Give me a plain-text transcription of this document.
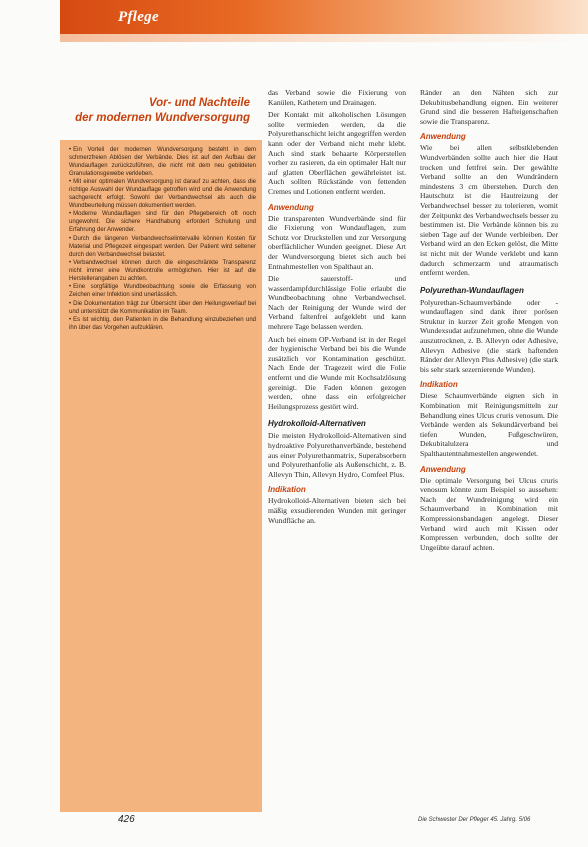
Pflege
Vor- und Nachteile
der modernen Wundversorgung
• Ein Vorteil der modernen Wundversorgung besteht in dem schmerzfreien Ablösen der Verbände. Dies ist auf den Aufbau der Wundauflagen zurückzuführen, die nicht mit dem neu gebildeten Granulationsgewebe verkleben.
• Mit einer optimalen Wundversorgung ist darauf zu achten, dass die richtige Auswahl der Wundauflage getroffen wird und die Anwendung sachgerecht erfolgt. Sowohl der Verbandwechsel als auch die Wundbeurteilung müssen dokumentiert werden.
• Moderne Wundauflagen sind für den Pflegebereich oft noch ungewohnt. Die sichere Handhabung erfordert Schulung und Erfahrung der Anwender.
• Durch die längeren Verbandwechselintervalle können Kosten für Material und Pflegezeit eingespart werden. Der Patient wird seltener durch den Verbandwechsel belastet.
• Verbandwechsel können durch die eingeschränkte Transparenz nicht immer eine Wundkontrolle ermöglichen. Hier ist auf die Herstellerangaben zu achten.
• Eine sorgfältige Wundbeobachtung sowie die Erfassung von Zeichen einer Infektion sind unerlässlich.
• Die Dokumentation trägt zur Übersicht über den Heilungsverlauf bei und unterstützt die Kommunikation im Team.
• Es ist wichtig, den Patienten in die Behandlung einzubeziehen und ihn über das Vorgehen aufzuklären.

das Verband sowie die Fixierung von Kanülen, Kathetern und Drainagen.

Der Kontakt mit alkoholischen Lösungen sollte vermieden werden, da die Polyurethanschicht leicht angegriffen werden kann oder der Verband nicht mehr klebt. Auch sind stark behaarte Körperstellen vorher zu rasieren, da ein optimaler Halt nur auf glatten Oberflächen gewährleistet ist. Auch sollten Rückstände von fettenden Cremes und Lotionen entfernt werden.

Anwendung

Die transparenten Wundverbände sind für die Fixierung von Wundauflagen, zum Schutz vor Druckstellen und zur Versorgung oberflächlicher Wunden geeignet. Diese Art der Wundversorgung bietet sich auch bei Entnahmestellen von Spalthaut an.

Die sauerstoff- und wasserdampfdurchlässige Folie erlaubt die Wundbeobachtung ohne Verbandwechsel. Nach der Reinigung der Wunde wird der Verband faltenfrei aufgeklebt und kann mehrere Tage belassen werden.

Auch bei einem OP-Verband ist in der Regel der hygienische Verband bei bis die Wunde zusätzlich vor Kontamination geschützt. Nach Ende der Tragezeit wird die Folie entfernt und die Wunde mit Kochsalzlösung gereinigt. Die Faden können gezogen werden, ohne dass ein erfolgreicher Heilungsprozess gestört wird.

Hydrokolloid-Alternativen

Die meisten Hydrokolloid-Alternativen sind hydroaktive Polyurethanverbände, bestehend aus einer Polyurethanmatrix, Superabsorbern und Polyurethanfolie als Außenschicht, z. B. Allevyn Thin, Allevyn Hydro, Comfeel Plus.

Indikation

Hydrokolloid-Alternativen bieten sich bei mäßig exsudierenden Wunden mit geringer Wundfläche an.

Ränder an den Nähten sich zur Dekubitusbehandlung eignen. Ein weiterer Grund sind die besseren Hafteigenschaften sowie die Transparenz.

Anwendung

Wie bei allen selbstklebenden Wundverbänden sollte auch hier die Haut trocken und fettfrei sein. Der gewählte Verband sollte an den Wundrändern mindestens 3 cm überstehen. Durch den Hautschutz ist die Hautreizung der Verbandwechsel besser zu tolerieren, womit der Zeitpunkt des Verbandwechsels besser zu bestimmen ist. Die Verbände können bis zu sieben Tage auf der Wunde verbleiben. Der Verband wird an den Ecken gelöst, die Mitte ist nicht mit der Wunde verklebt und kann dadurch schmerzarm und atraumatisch entfernt werden.

Polyurethan-Wundauflagen

Polyurethan-Schaumverbände oder -wundauflagen sind dank ihrer porösen Struktur in kurzer Zeit große Mengen von Wundexsudat aufzunehmen, ohne die Wunde auszutrocknen, z. B. Allevyn oder Adhesive, Allevyn Adhesive (die stark haftenden Ränder der Allevyn Plus Adhesive) (die stark bis sehr stark sezernierende Wunden).

Indikation

Diese Schaumverbände eignen sich in Kombination mit Reinigungsmitteln zur Behandlung eines Ulcus cruris venosum. Die Verbände werden als Sekundärverband bei tiefen Wunden, Fußgeschwüren, Dekubitalulzera und Spalthautentnahmestellen angewendet.

Anwendung

Die optimale Versorgung bei Ulcus cruris venosum könnte zum Beispiel so aussehen: Nach der Wundreinigung wird ein Schaumverband in Kombination mit Kompressionsbandagen angelegt. Dieser Verband wird auch mit Kissen oder Kompressen verbunden, doch sollte der Ungeübte darauf achten.

426	Die Schwester Der Pfleger 45. Jahrg. 5/06
